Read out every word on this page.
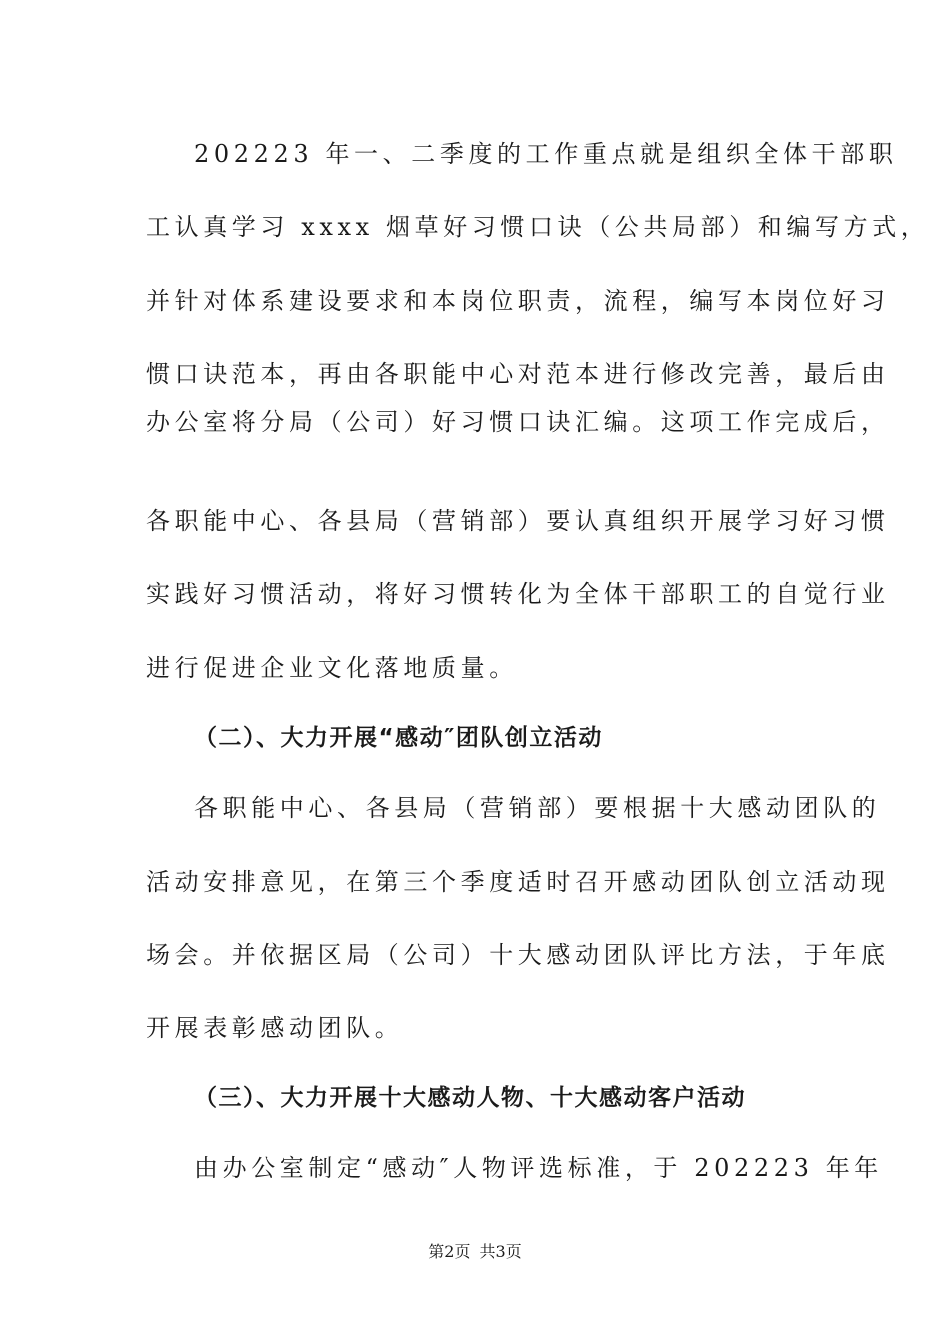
202223 年一、二季度的工作重点就是组织全体干部职
工认真学习 xxxx 烟草好习惯口诀（公共局部）和编写方式，
并针对体系建设要求和本岗位职责，流程，编写本岗位好习
惯口诀范本，再由各职能中心对范本进行修改完善，最后由
办公室将分局（公司）好习惯口诀汇编。这项工作完成后，
各职能中心、各县局（营销部）要认真组织开展学习好习惯
实践好习惯活动，将好习惯转化为全体干部职工的自觉行业
进行促进企业文化落地质量。
（二）、大力开展“感动″团队创立活动
各职能中心、各县局（营销部）要根据十大感动团队的
活动安排意见，在第三个季度适时召开感动团队创立活动现
场会。并依据区局（公司）十大感动团队评比方法，于年底
开展表彰感动团队。
（三）、大力开展十大感动人物、十大感动客户活动
由办公室制定“感动″人物评选标准，于 202223 年年
第2页 共3页
